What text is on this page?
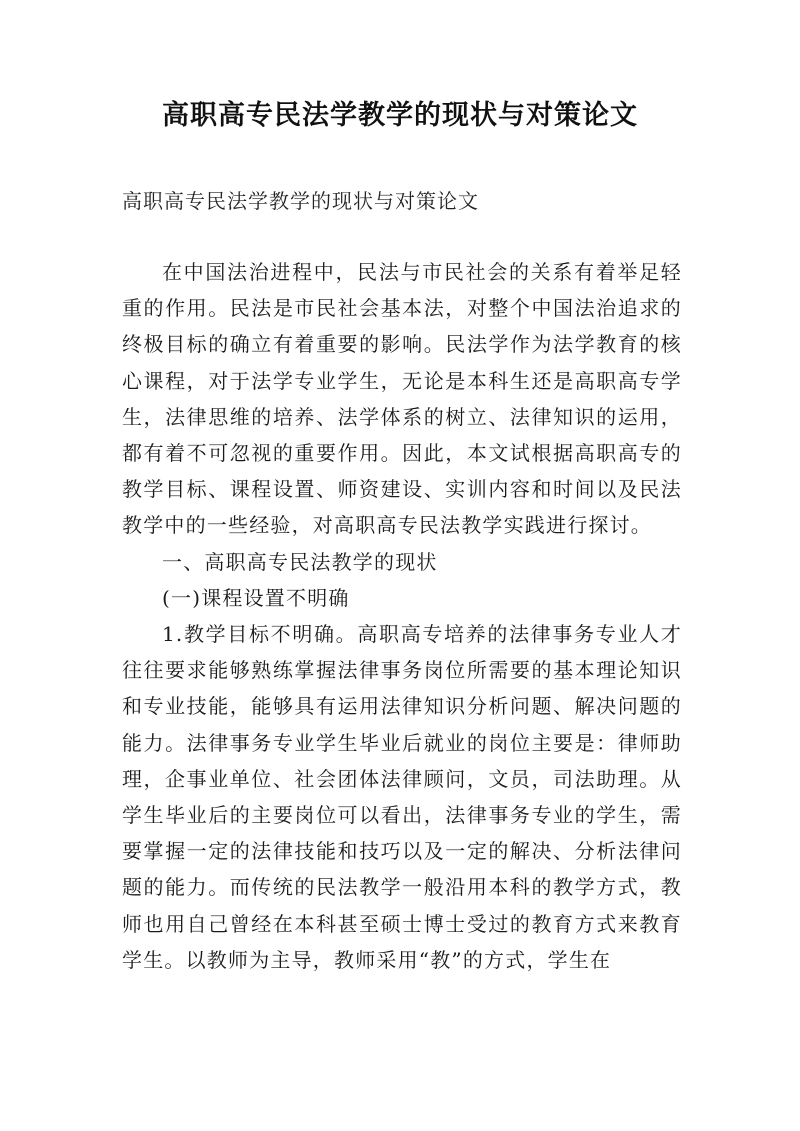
高职高专民法学教学的现状与对策论文
高职高专民法学教学的现状与对策论文

在中国法治进程中，民法与市民社会的关系有着举足轻重的作用。民法是市民社会基本法，对整个中国法治追求的终极目标的确立有着重要的影响。民法学作为法学教育的核心课程，对于法学专业学生，无论是本科生还是高职高专学生，法律思维的培养、法学体系的树立、法律知识的运用，都有着不可忽视的重要作用。因此，本文试根据高职高专的教学目标、课程设置、师资建设、实训内容和时间以及民法教学中的一些经验，对高职高专民法教学实践进行探讨。

一、高职高专民法教学的现状

(一)课程设置不明确

1.教学目标不明确。高职高专培养的法律事务专业人才往往要求能够熟练掌握法律事务岗位所需要的基本理论知识和专业技能，能够具有运用法律知识分析问题、解决问题的能力。法律事务专业学生毕业后就业的岗位主要是：律师助理，企事业单位、社会团体法律顾问，文员，司法助理。从学生毕业后的主要岗位可以看出，法律事务专业的学生，需要掌握一定的法律技能和技巧以及一定的解决、分析法律问题的能力。而传统的民法教学一般沿用本科的教学方式，教师也用自己曾经在本科甚至硕士博士受过的教育方式来教育学生。以教师为主导，教师采用“教”的方式，学生在
